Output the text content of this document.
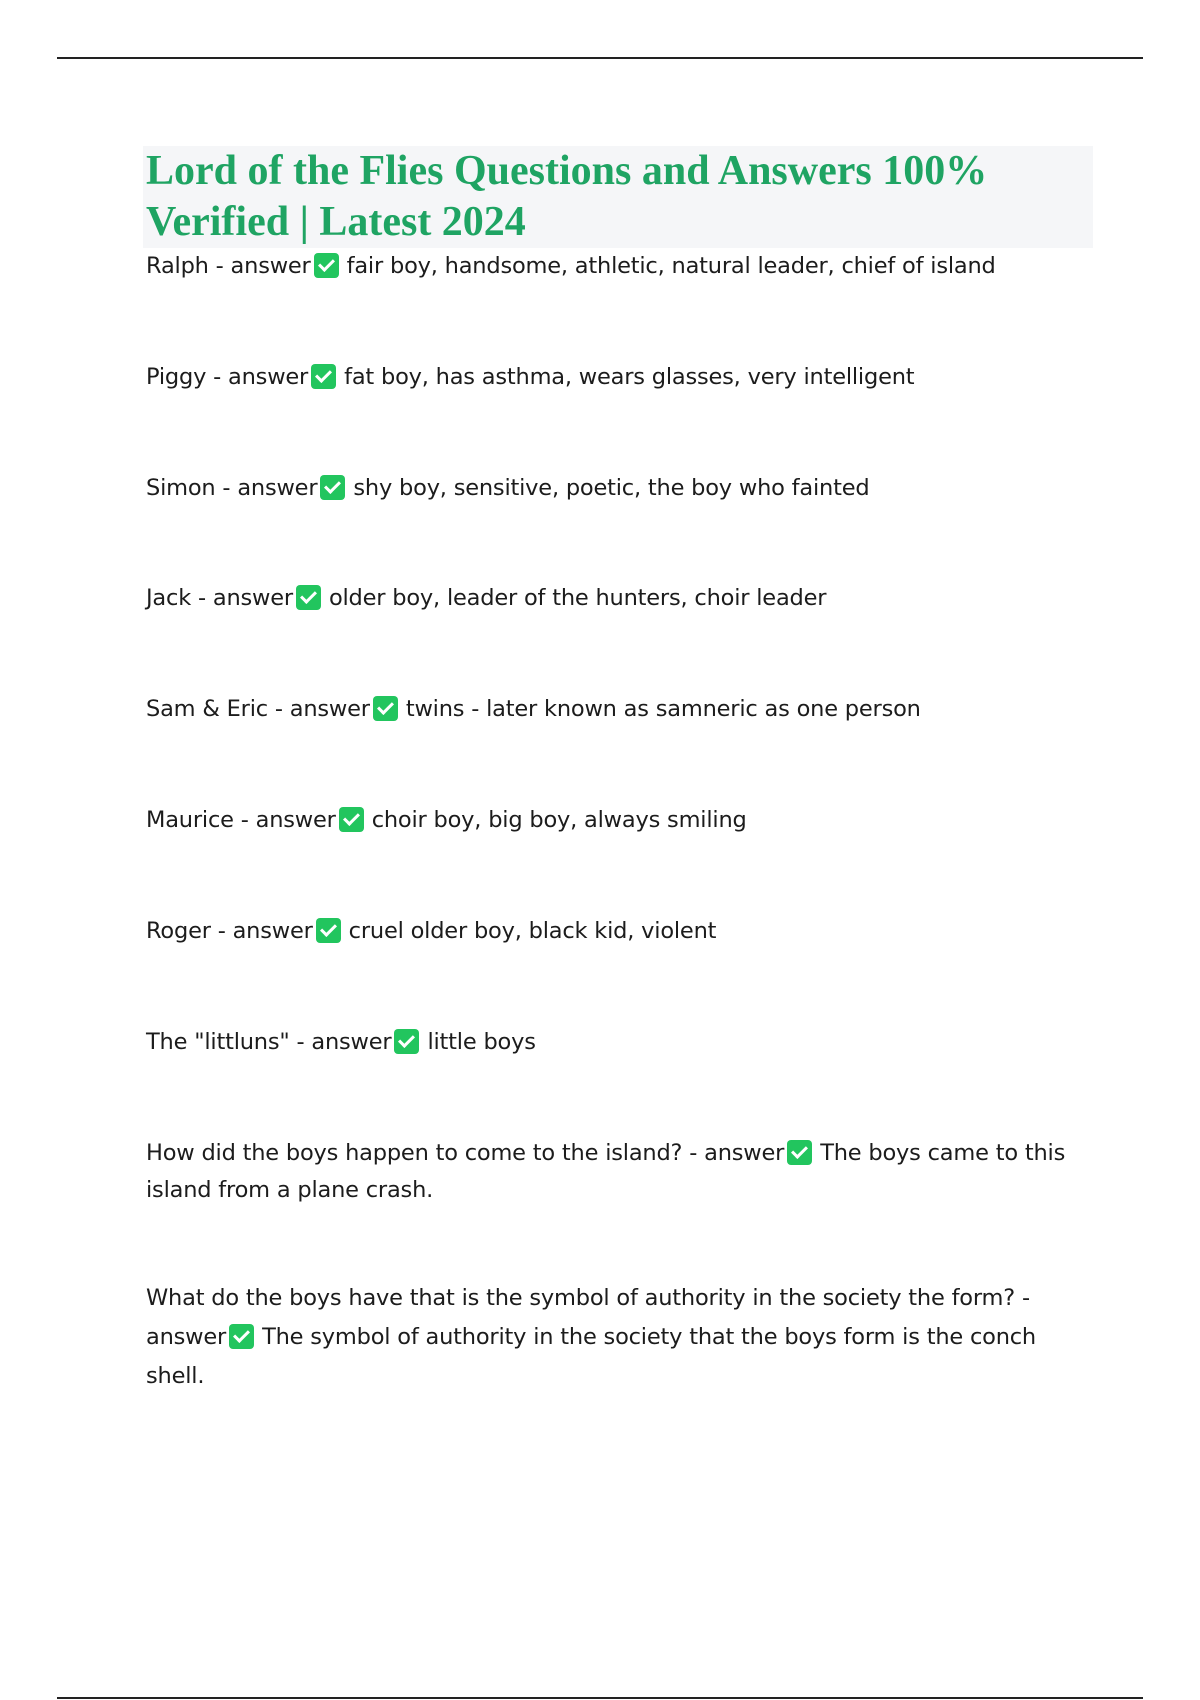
Lord of the Flies Questions and Answers 100% Verified | Latest 2024

Ralph - answer fair boy, handsome, athletic, natural leader, chief of island

Piggy - answer fat boy, has asthma, wears glasses, very intelligent

Simon - answer shy boy, sensitive, poetic, the boy who fainted

Jack - answer older boy, leader of the hunters, choir leader

Sam & Eric - answer twins - later known as samneric as one person

Maurice - answer choir boy, big boy, always smiling

Roger - answer cruel older boy, black kid, violent

The "littluns" - answer little boys

How did the boys happen to come to the island? - answer The boys came to this island from a plane crash.

What do the boys have that is the symbol of authority in the society the form? - answer The symbol of authority in the society that the boys form is the conch shell.
